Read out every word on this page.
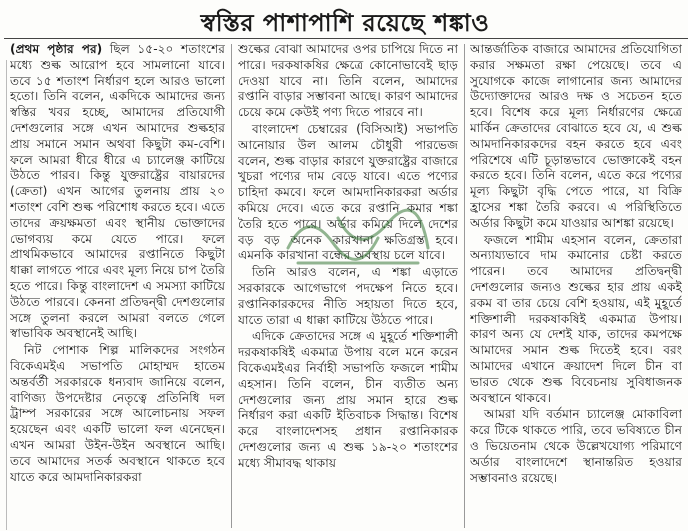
স্বস্তির পাশাপাশি রয়েছে শঙ্কাও

(প্রথম পৃষ্ঠার পর) ছিল ১৫-২০ শতাংশের মধ্যে শুল্ক আরোপ হবে সামলানো যাবে। তবে ১৫ শতাংশ নির্ধারণ হলে আরও ভালো হতো। তিনি বলেন, একদিকে আমাদের জন্য স্বস্তির খবর হচ্ছে, আমাদের প্রতিযোগী দেশগুলোর সঙ্গে এখন আমাদের শুল্কহার প্রায় সমানে সমান অথবা কিছুটা কম-বেশি। ফলে আমরা ধীরে ধীরে এ চ্যালেঞ্জ কাটিয়ে উঠতে পারব। কিন্তু যুক্তরাষ্ট্রের বায়ারদের (ক্রেতা) এখন আগের তুলনায় প্রায় ২০ শতাংশ বেশি শুল্ক পরিশোধ করতে হবে। এতে তাদের ক্রয়ক্ষমতা এবং স্থানীয় ভোক্তাদের ভোগব্যয় কমে যেতে পারে। ফলে প্রাথমিকভাবে আমাদের রপ্তানিতে কিছুটা ধাক্কা লাগতে পারে এবং মূল্য নিয়ে চাপ তৈরি হতে পারে। কিন্তু বাংলাদেশ এ সমস্যা কাটিয়ে উঠতে পারবে। কেননা প্রতিদ্বন্দ্বী দেশগুলোর সঙ্গে তুলনা করলে আমরা বলতে গেলে স্বাভাবিক অবস্থানেই আছি।

নিট পোশাক শিল্প মালিকদের সংগঠন বিকেএমইএ সভাপতি মোহাম্মদ হাতেম অন্তর্বর্তী সরকারকে ধন্যবাদ জানিয়ে বলেন, বাণিজ্য উপদেষ্টার নেতৃত্বে প্রতিনিধি দল ট্রাম্প সরকারের সঙ্গে আলোচনায় সফল হয়েছেন এবং একটি ভালো ফল এনেছেন। এখন আমরা উইন-উইন অবস্থানে আছি। তবে আমাদের সতর্ক অবস্থানে থাকতে হবে যাতে করে আমদানিকারকরা

শুল্কের বোঝা আমাদের ওপর চাপিয়ে দিতে না পারে। দরকষাকষির ক্ষেত্রে কোনোভাবেই ছাড় দেওয়া যাবে না। তিনি বলেন, আমাদের রপ্তানি বাড়ার সম্ভাবনা আছে। কারণ আমাদের চেয়ে কমে কেউই পণ্য দিতে পারবে না।

বাংলাদেশ চেম্বারের (বিসিআই) সভাপতি আনোয়ার উল আলম চৌধুরী পারভেজ বলেন, শুল্ক বাড়ার কারণে যুক্তরাষ্ট্রের বাজারে খুচরা পণ্যের দাম বেড়ে যাবে। এতে পণ্যের চাহিদা কমবে। ফলে আমদানিকারকরা অর্ডার কমিয়ে দেবে। এতে করে রপ্তানি কমার শঙ্কা তৈরি হতে পারে। অর্ডার কমিয়ে দিলে দেশের বড় বড় অনেক কারখানা ক্ষতিগ্রস্ত হবে। এমনকি কারখানা বন্ধের অবস্থায় চলে যাবে।

তিনি আরও বলেন, এ শঙ্কা এড়াতে সরকারকে আগেভাগে পদক্ষেপ নিতে হবে। রপ্তানিকারকদের নীতি সহায়তা দিতে হবে, যাতে তারা এ ধাক্কা কাটিয়ে উঠতে পারে।

এদিকে ক্রেতাদের সঙ্গে এ মুহূর্তে শক্তিশালী দরকষাকষিই একমাত্র উপায় বলে মনে করেন বিকেএমইএর নির্বাহী সভাপতি ফজলে শামীম এহসান। তিনি বলেন, চীন ব্যতীত অন্য দেশগুলোর জন্য প্রায় সমান হারে শুল্ক নির্ধারণ করা একটি ইতিবাচক সিদ্ধান্ত। বিশেষ করে বাংলাদেশসহ প্রধান রপ্তানিকারক দেশগুলোর জন্য এ শুল্ক ১৯-২০ শতাংশের মধ্যে সীমাবদ্ধ থাকায়

আন্তর্জাতিক বাজারে আমাদের প্রতিযোগিতা করার সক্ষমতা রক্ষা পেয়েছে। তবে এ সুযোগকে কাজে লাগানোর জন্য আমাদের উদ্যোক্তাদের আরও দক্ষ ও সচেতন হতে হবে। বিশেষ করে মূল্য নির্ধারণের ক্ষেত্রে মার্কিন ক্রেতাদের বোঝাতে হবে যে, এ শুল্ক আমদানিকারকদের বহন করতে হবে এবং পরিশেষে এটি চূড়ান্তভাবে ভোক্তাকেই বহন করতে হবে। তিনি বলেন, এতে করে পণ্যের মূল্য কিছুটা বৃদ্ধি পেতে পারে, যা বিক্রি হ্রাসের শঙ্কা তৈরি করবে। এ পরিস্থিতিতে অর্ডার কিছুটা কমে যাওয়ার আশঙ্কা রয়েছে।

ফজলে শামীম এহসান বলেন, ক্রেতারা অন্যায্যভাবে দাম কমানোর চেষ্টা করতে পারেন। তবে আমাদের প্রতিদ্বন্দ্বী দেশগুলোর জন্যও শুল্কের হার প্রায় একই রকম বা তার চেয়ে বেশি হওয়ায়, এই মুহূর্তে শক্তিশালী দরকষাকষিই একমাত্র উপায়। কারণ অন্য যে দেশই যাক, তাদের কমপক্ষে আমাদের সমান শুল্ক দিতেই হবে। বরং আমাদের এখানে ক্রয়াদেশ দিলে চীন বা ভারত থেকে শুল্ক বিবেচনায় সুবিধাজনক অবস্থানে থাকবে।

আমরা যদি বর্তমান চ্যালেঞ্জ মোকাবিলা করে টিকে থাকতে পারি, তবে ভবিষ্যতে চীন ও ভিয়েতনাম থেকে উল্লেখযোগ্য পরিমাণে অর্ডার বাংলাদেশে স্থানান্তরিত হওয়ার সম্ভাবনাও রয়েছে।
